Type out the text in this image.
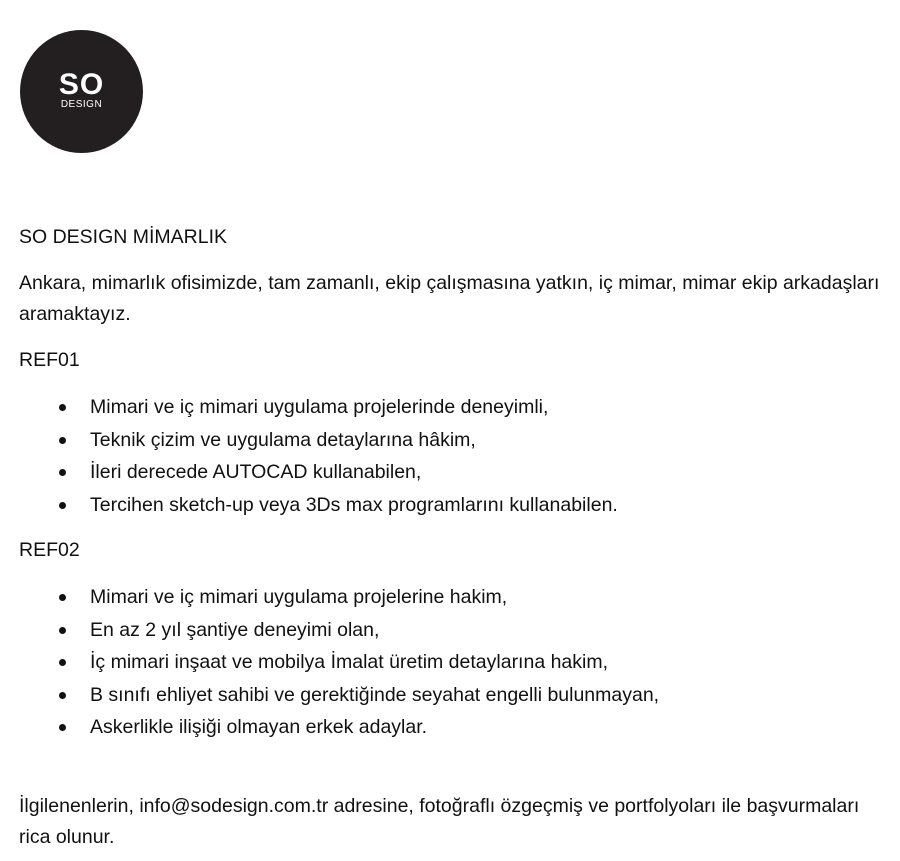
SO
DESIGN

SO DESIGN MİMARLIK

Ankara, mimarlık ofisimizde, tam zamanlı, ekip çalışmasına yatkın, iç mimar, mimar ekip arkadaşları aramaktayız.

REF01

Mimari ve iç mimari uygulama projelerinde deneyimli,
Teknik çizim ve uygulama detaylarına hâkim,
İleri derecede AUTOCAD kullanabilen,
Tercihen sketch-up veya 3Ds max programlarını kullanabilen.

REF02

Mimari ve iç mimari uygulama projelerine hakim,
En az 2 yıl şantiye deneyimi olan,
İç mimari inşaat ve mobilya İmalat üretim detaylarına hakim,
B sınıfı ehliyet sahibi ve gerektiğinde seyahat engelli bulunmayan,
Askerlikle ilişiği olmayan erkek adaylar.

İlgilenenlerin, info@sodesign.com.tr adresine, fotoğraflı özgeçmiş ve portfolyoları ile başvurmaları rica olunur.
